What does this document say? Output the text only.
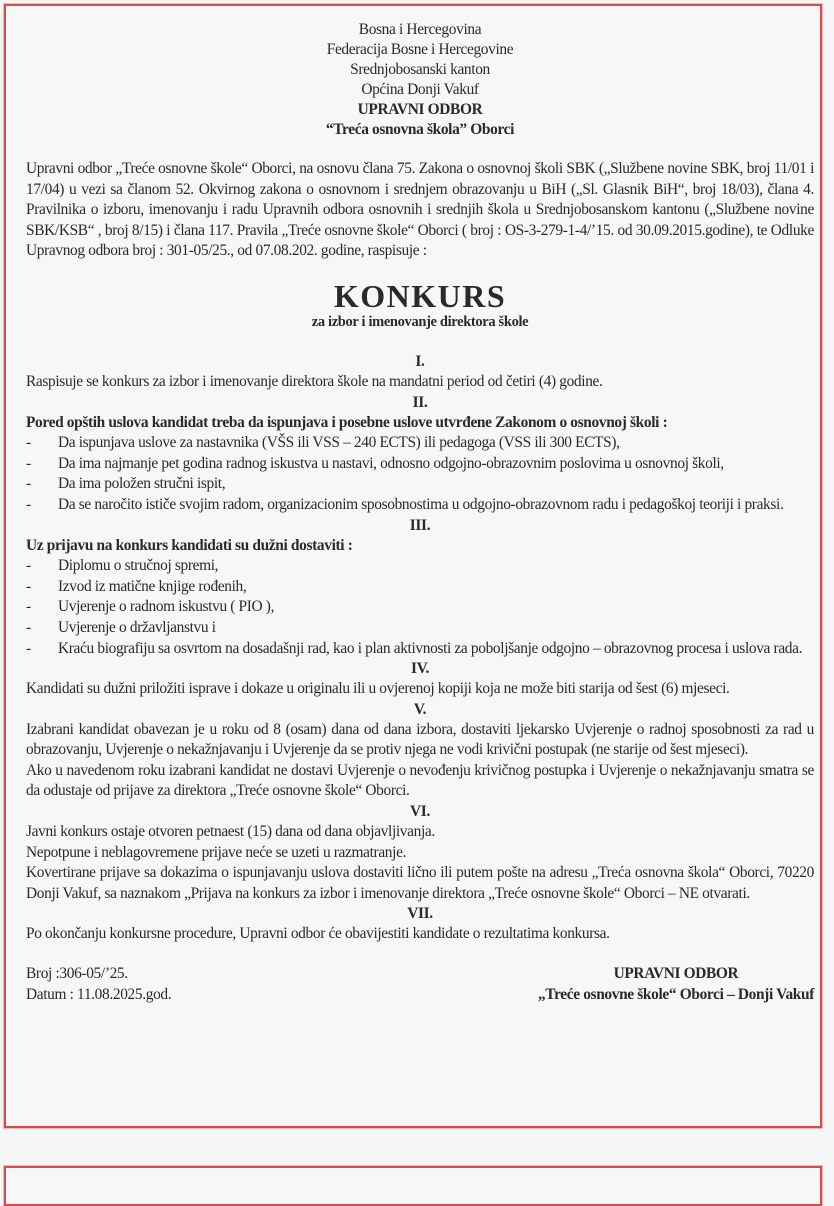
Bosna i Hercegovina
Federacija Bosne i Hercegovine
Srednjobosanski kanton
Općina Donji Vakuf
UPRAVNI ODBOR
“Treća osnovna škola” Oborci
Upravni odbor „Treće osnovne škole“ Oborci, na osnovu člana 75. Zakona o osnovnoj školi SBK („Službene novine SBK, broj 11/01 i 17/04) u vezi sa članom 52. Okvirnog zakona o osnovnom i srednjem obrazovanju u BiH („Sl. Glasnik BiH“, broj 18/03), člana 4. Pravilnika o izboru, imenovanju i radu Upravnih odbora osnovnih i srednjih škola u Srednjobosanskom kantonu („Službene novine SBK/KSB“ , broj 8/15) i člana 117. Pravila „Treće osnovne škole“ Oborci ( broj : OS-3-279-1-4/’15. od 30.09.2015.godine), te Odluke Upravnog odbora broj : 301-05/25., od 07.08.202. godine, raspisuje :
KONKURS
za izbor i imenovanje direktora škole
I.
Raspisuje se konkurs za izbor i imenovanje direktora škole na mandatni period od četiri (4) godine.
II.
Pored opštih uslova kandidat treba da ispunjava i posebne uslove utvrđene Zakonom o osnovnoj školi :
- Da ispunjava uslove za nastavnika (VŠS ili VSS – 240 ECTS) ili pedagoga (VSS ili 300 ECTS),
- Da ima najmanje pet godina radnog iskustva u nastavi, odnosno odgojno-obrazovnim poslovima u osnovnoj školi,
- Da ima položen stručni ispit,
- Da se naročito ističe svojim radom, organizacionim sposobnostima u odgojno-obrazovnom radu i pedagoškoj teoriji i praksi.
III.
Uz prijavu na konkurs kandidati su dužni dostaviti :
- Diplomu o stručnoj spremi,
- Izvod iz matične knjige rođenih,
- Uvjerenje o radnom iskustvu ( PIO ),
- Uvjerenje o državljanstvu i
- Kraću biografiju sa osvrtom na dosadašnji rad, kao i plan aktivnosti za poboljšanje odgojno – obrazovnog procesa i uslova rada.
IV.
Kandidati su dužni priložiti isprave i dokaze u originalu ili u ovjerenoj kopiji koja ne može biti starija od šest (6) mjeseci.
V.
Izabrani kandidat obavezan je u roku od 8 (osam) dana od dana izbora, dostaviti ljekarsko Uvjerenje o radnoj sposobnosti za rad u obrazovanju, Uvjerenje o nekažnjavanju i Uvjerenje da se protiv njega ne vodi krivični postupak (ne starije od šest mjeseci).
Ako u navedenom roku izabrani kandidat ne dostavi Uvjerenje o nevođenju krivičnog postupka i Uvjerenje o nekažnjavanju smatra se da odustaje od prijave za direktora „Treće osnovne škole“ Oborci.
VI.
Javni konkurs ostaje otvoren petnaest (15) dana od dana objavljivanja.
Nepotpune i neblagovremene prijave neće se uzeti u razmatranje.
Kovertirane prijave sa dokazima o ispunjavanju uslova dostaviti lično ili putem pošte na adresu „Treća osnovna škola“ Oborci, 70220 Donji Vakuf, sa naznakom „Prijava na konkurs za izbor i imenovanje direktora „Treće osnovne škole“ Oborci – NE otvarati.
VII.
Po okončanju konkursne procedure, Upravni odbor će obavijestiti kandidate o rezultatima konkursa.
Broj :306-05/’25.
Datum : 11.08.2025.god.
UPRAVNI ODBOR
„Treće osnovne škole“ Oborci – Donji Vakuf
